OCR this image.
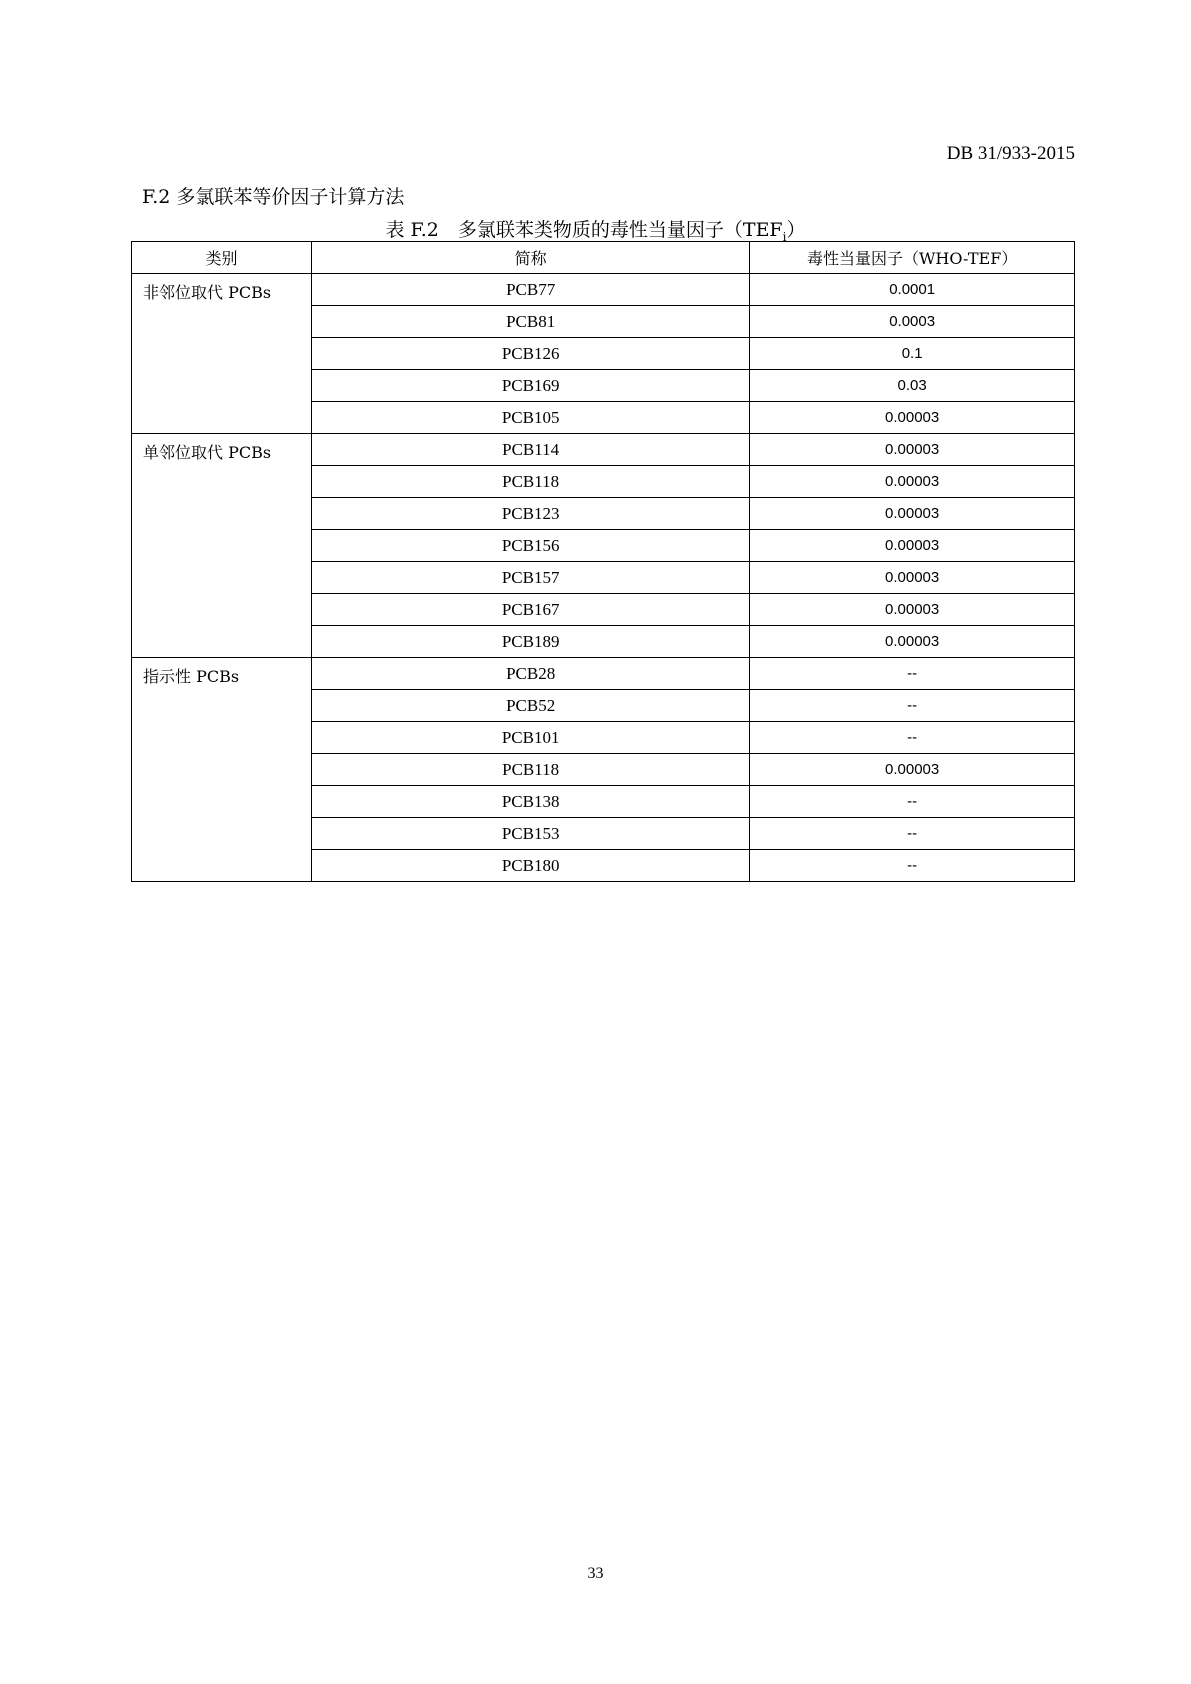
DB 31/933-2015
F.2 多氯联苯等价因子计算方法
表 F.2　多氯联苯类物质的毒性当量因子$(TEF_i)$
类别	简称	毒性当量因子（WHO-TEF）
非邻位取代 PCBs	PCB77	0.0001
	PCB81	0.0003
	PCB126	0.1
	PCB169	0.03
	PCB105	0.00003
单邻位取代 PCBs	PCB114	0.00003
	PCB118	0.00003
	PCB123	0.00003
	PCB156	0.00003
	PCB157	0.00003
	PCB167	0.00003
	PCB189	0.00003
指示性 PCBs	PCB28	--
	PCB52	--
	PCB101	--
	PCB118	0.00003
	PCB138	--
	PCB153	--
	PCB180	--
33
